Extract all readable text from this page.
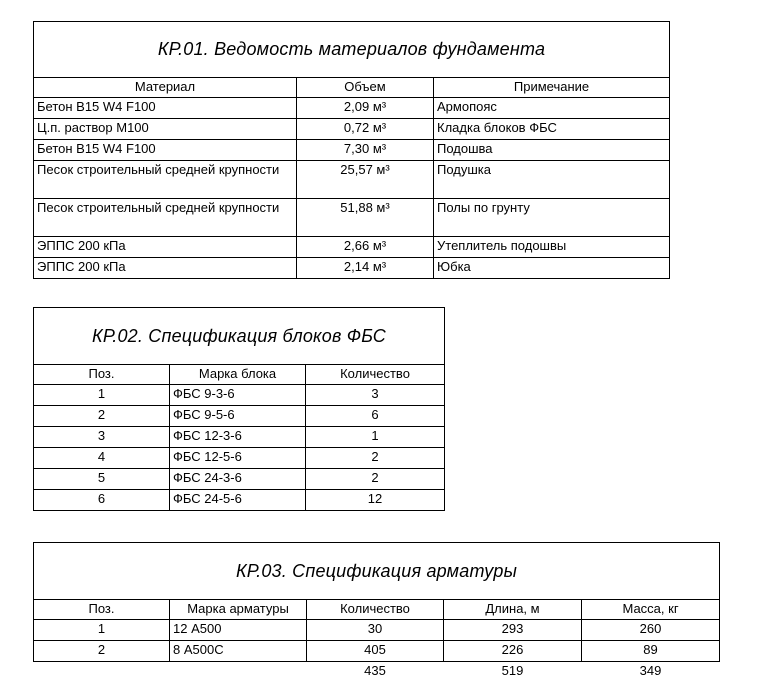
КР.01. Ведомость материалов фундамента		
Материал	Объем	Примечание
Бетон B15 W4 F100	2,09 м³	Армопояс
Ц.п. раствор М100	0,72 м³	Кладка блоков ФБС
Бетон B15 W4 F100	7,30 м³	Подошва
Песок строительный средней крупности	25,57 м³	Подушка
Песок строительный средней крупности	51,88 м³	Полы по грунту
ЭППС 200 кПа	2,66 м³	Утеплитель подошвы
ЭППС 200 кПа	2,14 м³	Юбка
КР.02. Спецификация блоков ФБС		
Поз.	Марка блока	Количество
1	ФБС 9-3-6	3
2	ФБС 9-5-6	6
3	ФБС 12-3-6	1
4	ФБС 12-5-6	2
5	ФБС 24-3-6	2
6	ФБС 24-5-6	12
КР.03. Спецификация арматуры				
Поз.	Марка арматуры	Количество	Длина, м	Масса, кг
1	12 А500	30	293	260
2	8 А500С	405	226	89
		435	519	349
